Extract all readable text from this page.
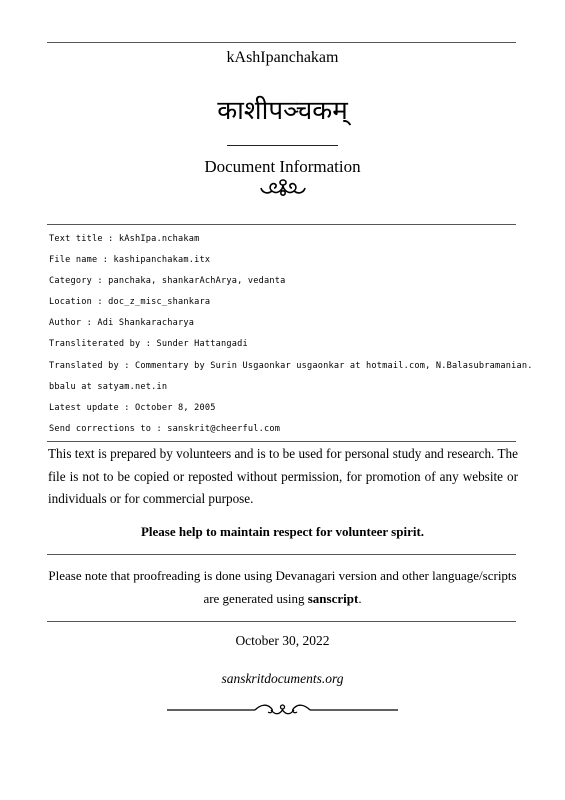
kAshIpanchakam
काशीपञ्चकम्
Document Information
Text title : kAshIpa.nchakam
File name : kashipanchakam.itx
Category : panchaka, shankarAchArya, vedanta
Location : doc_z_misc_shankara
Author : Adi Shankaracharya
Transliterated by : Sunder Hattangadi
Translated by : Commentary by Surin Usgaonkar usgaonkar at hotmail.com, N.Balasubramanian.
bbalu at satyam.net.in
Latest update : October 8, 2005
Send corrections to : sanskrit@cheerful.com
This text is prepared by volunteers and is to be used for personal study and research. The file is not to be copied or reposted without permission, for promotion of any website or individuals or for commercial purpose.
Please help to maintain respect for volunteer spirit.
Please note that proofreading is done using Devanagari version and other language/scripts are generated using sanscript.
October 30, 2022
sanskritdocuments.org
